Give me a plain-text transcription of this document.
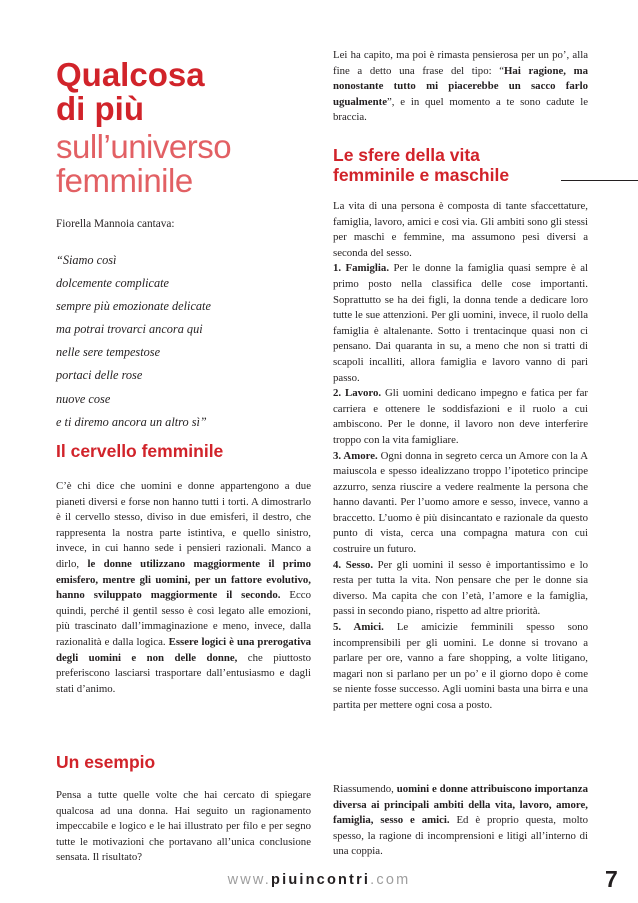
Qualcosa
di più
sull’universo
femminile

Fiorella Mannoia cantava:

“Siamo così
dolcemente complicate
sempre più emozionate delicate
ma potrai trovarci ancora qui
nelle sere tempestose
portaci delle rose
nuove cose
e ti diremo ancora un altro sì”
Il cervello femminile

C’è chi dice che uomini e donne appartengono a due pianeti diversi e forse non hanno tutti i torti. A dimostrarlo è il cervello stesso, diviso in due emisferi, il destro, che rappresenta la nostra parte istintiva, e quello sinistro, invece, in cui hanno sede i pensieri razionali. Manco a dirlo, le donne utilizzano maggiormente il primo emisfero, mentre gli uomini, per un fattore evolutivo, hanno sviluppato maggiormente il secondo. Ecco quindi, perché il gentil sesso è così legato alle emozioni, più trascinato dall’immaginazione e meno, invece, dalla razionalità e dalla logica. Essere logici è una prerogativa degli uomini e non delle donne, che piuttosto preferiscono lasciarsi trasportare dall’entusiasmo e dagli stati d’animo.

Un esempio

Pensa a tutte quelle volte che hai cercato di spiegare qualcosa ad una donna. Hai seguito un ragionamento impeccabile e logico e le hai illustrato per filo e per segno tutte le motivazioni che portavano all’unica conclusione sensata. Il risultato?

Lei ha capito, ma poi è rimasta pensierosa per un po’, alla fine a detto una frase del tipo: “Hai ragione, ma nonostante tutto mi piacerebbe un sacco farlo ugualmente”, e in quel momento a te sono cadute le braccia.

Le sfere della vita
femminile e maschile

La vita di una persona è composta di tante sfaccettature, famiglia, lavoro, amici e così via. Gli ambiti sono gli stessi per maschi e femmine, ma assumono pesi diversi a seconda del sesso.

1. Famiglia. Per le donne la famiglia quasi sempre è al primo posto nella classifica delle cose importanti. Soprattutto se ha dei figli, la donna tende a dedicare loro tutte le sue attenzioni. Per gli uomini, invece, il ruolo della famiglia è altalenante. Sotto i trentacinque quasi non ci pensano. Dai quaranta in su, a meno che non si tratti di scapoli incalliti, allora famiglia e lavoro vanno di pari passo.

2. Lavoro. Gli uomini dedicano impegno e fatica per far carriera e ottenere le soddisfazioni e il ruolo a cui ambiscono. Per le donne, il lavoro non deve interferire troppo con la vita famigliare.

3. Amore. Ogni donna in segreto cerca un Amore con la A maiuscola e spesso idealizzano troppo l’ipotetico principe azzurro, senza riuscire a vedere realmente la persona che hanno davanti. Per l’uomo amore e sesso, invece, vanno a braccetto. L’uomo è più disincantato e razionale da questo punto di vista, cerca una compagna matura con cui costruire un futuro.

4. Sesso. Per gli uomini il sesso è importantissimo e lo resta per tutta la vita. Non pensare che per le donne sia diverso. Ma capita che con l’età, l’amore e la famiglia, passi in secondo piano, rispetto ad altre priorità.

5. Amici. Le amicizie femminili spesso sono incomprensibili per gli uomini. Le donne si trovano a parlare per ore, vanno a fare shopping, a volte litigano, magari non si parlano per un po’ e il giorno dopo è come se niente fosse successo. Agli uomini basta una birra e una partita per mettere ogni cosa a posto.

Riassumendo, uomini e donne attribuiscono importanza diversa ai principali ambiti della vita, lavoro, amore, famiglia, sesso e amici. Ed è proprio questa, molto spesso, la ragione di incomprensioni e litigi all’interno di una coppia.

www.piuincontri.com	7
